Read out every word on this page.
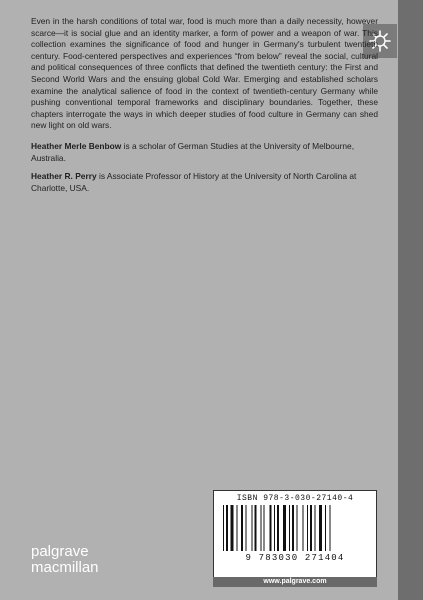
Even in the harsh conditions of total war, food is much more than a daily necessity, however scarce—it is social glue and an identity marker, a form of power and a weapon of war. This collection examines the significance of food and hunger in Germany's turbulent twentieth century. Food-centered perspectives and experiences “from below” reveal the social, cultural and political consequences of three conflicts that defined the twentieth century: the First and Second World Wars and the ensuing global Cold War. Emerging and established scholars examine the analytical salience of food in the context of twentieth-century Germany while pushing conventional temporal frameworks and disciplinary boundaries. Together, these chapters interrogate the ways in which deeper studies of food culture in Germany can shed new light on old wars.

Heather Merle Benbow is a scholar of German Studies at the University of Melbourne, Australia.

Heather R. Perry is Associate Professor of History at the University of North Carolina at Charlotte, USA.

palgrave
macmillan
ISBN 978-3-030-27140-4
9 783030 271404
www.palgrave.com
